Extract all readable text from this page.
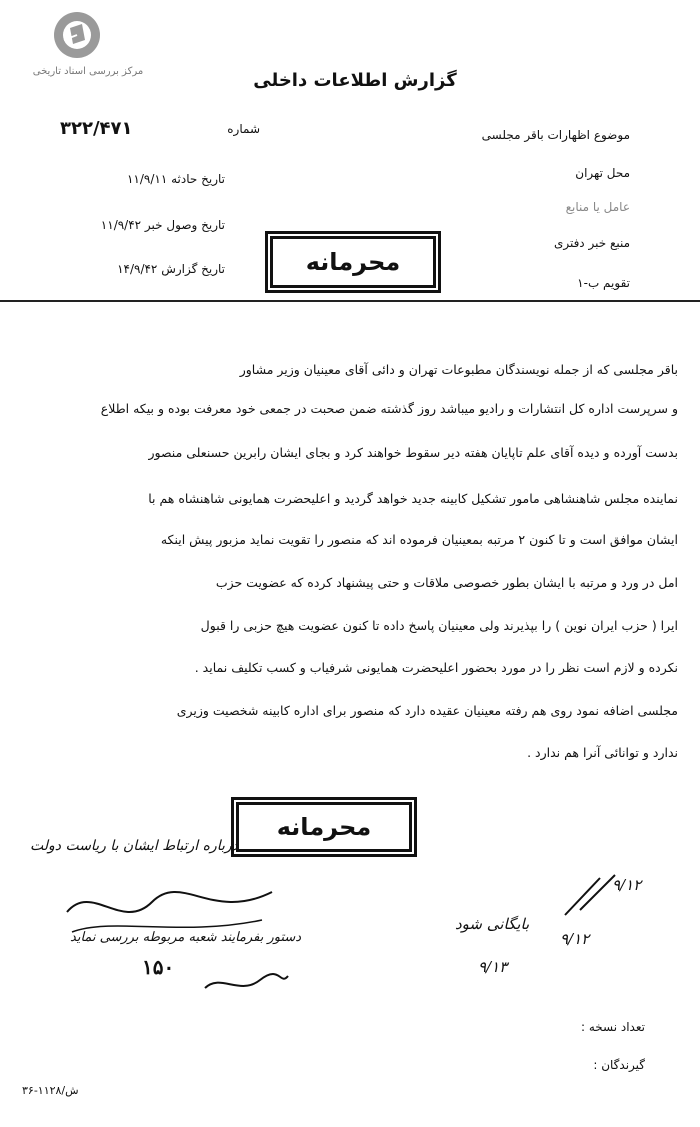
مرکز بررسی اسناد تاریخی	گزارش اطلاعات داخلی
۳۲۲/۴۷۱	شماره
تاریخ حادثه ۱۱/۹/۱۱
تاریخ وصول خبر ۱۱/۹/۴۲
تاریخ گزارش ۱۴/۹/۴۲
موضوع اظهارات باقر مجلسی
محل تهران
عامل یا منابع
منبع خبر دفتری
تقویم ب-۱
محرمانه
باقر مجلسی که از جمله نویسندگان مطبوعات تهران و دائی آقای معینیان وزیر مشاور
و سرپرست اداره کل انتشارات و رادیو میباشد روز گذشته ضمن صحبت در جمعی خود معرفت بوده و بیکه اطلاع
بدست آورده و دیده آقای علم تاپایان هفته دیر سقوط خواهند کرد و بجای ایشان رابرین حسنعلی منصور
نماینده مجلس شاهنشاهی مامور تشکیل کابینه جدید خواهد گردید و اعلیحضرت همایونی شاهنشاه هم با
ایشان موافق است و تا کنون ۲ مرتبه بمعینیان فرموده اند که منصور را تقویت نماید مزبور پیش اینکه
امل در ورد و مرتبه با ایشان بطور خصوصی ملاقات و حتی پیشنهاد کرده که عضویت حزب
ایرا ( حزب ایران نوین ) را بپذیرند ولی معینیان پاسخ داده تا کنون عضویت هیچ حزبی را قبول
نکرده و لازم است نظر را در مورد بحضور اعلیحضرت همایونی شرفیاب و کسب تکلیف نماید .
مجلسی اضافه نمود روی هم رفته معینیان عقیده دارد که منصور برای اداره کابینه شخصیت وزیری
ندارد و توانائی آنرا هم ندارد .
محرمانه
درباره ارتباط ایشان با ریاست دولت
دستور بفرمایند شعبه مربوطه بررسی نماید
۱۵۰
بایگانی شود
۹/۱۳
۹/۱۲
۹/۱۲
تعداد نسخه :
گیرندگان :
۳۶-۱۱۲۸/ش
